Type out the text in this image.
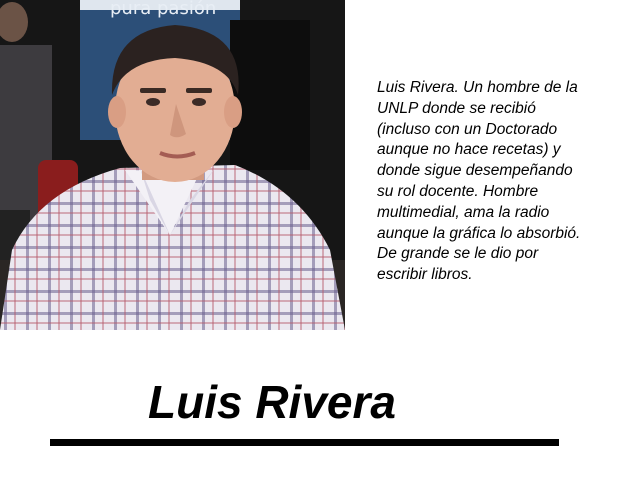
pura pasión

Luis Rivera. Un hombre de la UNLP donde se recibió (incluso con un Doctorado aunque no hace recetas) y donde sigue desempeñando su rol docente. Hombre multimedial, ama la radio aunque la gráfica lo absorbió. De grande se le dio por escribir libros.

Luis Rivera
